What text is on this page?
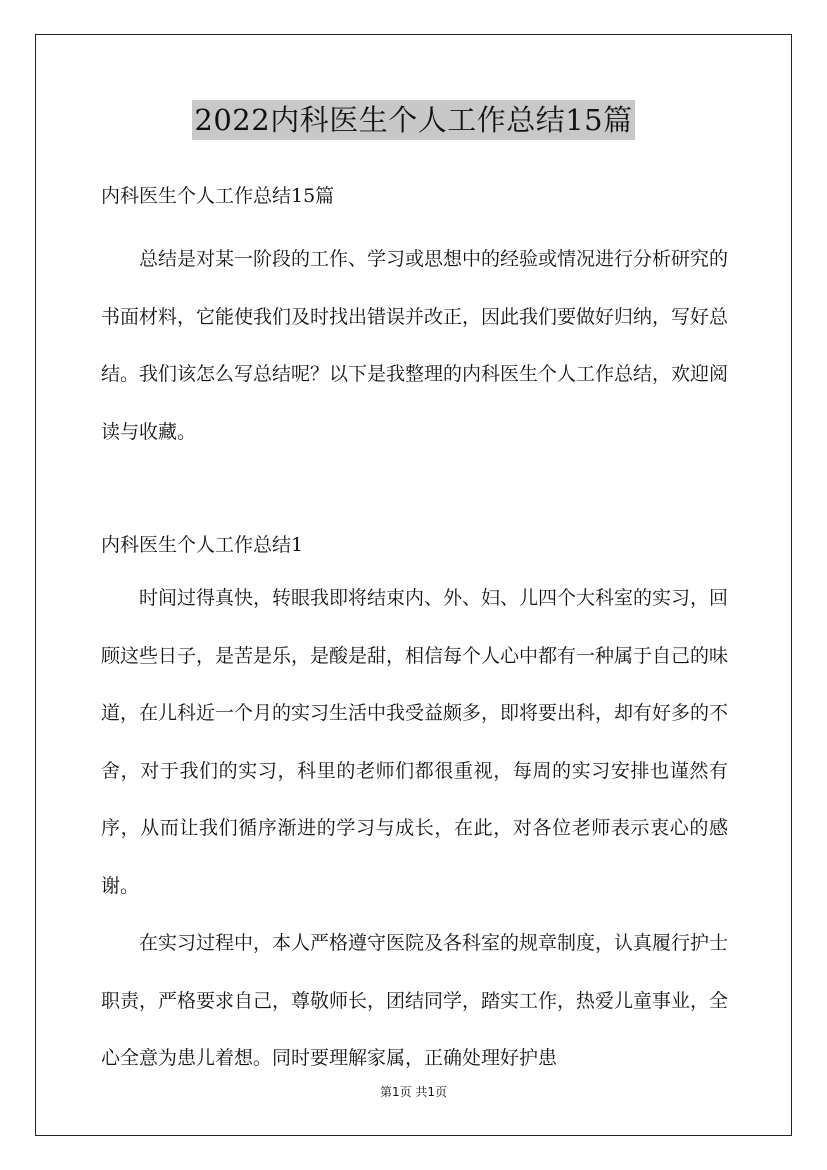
2022内科医生个人工作总结15篇

内科医生个人工作总结15篇

总结是对某一阶段的工作、学习或思想中的经验或情况进行分析研究的书面材料，它能使我们及时找出错误并改正，因此我们要做好归纳，写好总结。我们该怎么写总结呢？以下是我整理的内科医生个人工作总结，欢迎阅读与收藏。

内科医生个人工作总结1

时间过得真快，转眼我即将结束内、外、妇、儿四个大科室的实习，回顾这些日子，是苦是乐，是酸是甜，相信每个人心中都有一种属于自己的味道，在儿科近一个月的实习生活中我受益颇多，即将要出科，却有好多的不舍，对于我们的实习，科里的老师们都很重视，每周的实习安排也谨然有序，从而让我们循序渐进的学习与成长，在此，对各位老师表示衷心的感谢。

在实习过程中，本人严格遵守医院及各科室的规章制度，认真履行护士职责，严格要求自己，尊敬师长，团结同学，踏实工作，热爱儿童事业，全心全意为患儿着想。同时要理解家属，正确处理好护患

第1页 共1页
